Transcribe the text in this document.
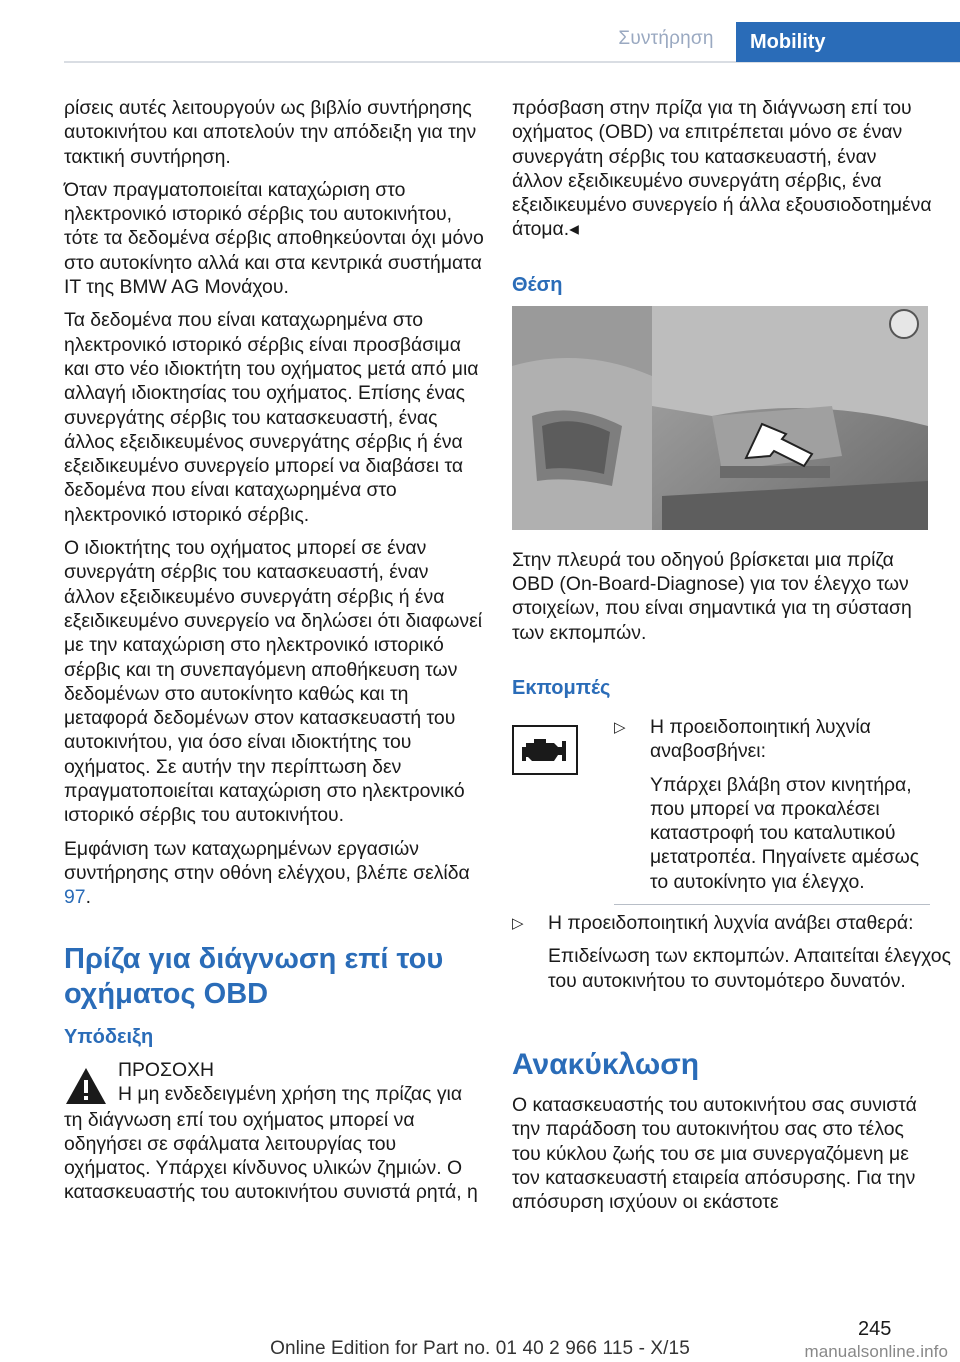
Συντήρηση	Mobility

ρίσεις αυτές λειτουργούν ως βιβλίο συντήρησης αυτοκινήτου και αποτελούν την απόδειξη για την τακτική συντήρηση.

Όταν πραγματοποιείται καταχώριση στο ηλεκτρονικό ιστορικό σέρβις του αυτοκινήτου, τότε τα δεδομένα σέρβις αποθηκεύονται όχι μόνο στο αυτοκίνητο αλλά και στα κεντρικά συστήματα IT της BMW AG Μονάχου.

Τα δεδομένα που είναι καταχωρημένα στο ηλεκτρονικό ιστορικό σέρβις είναι προσβάσιμα και στο νέο ιδιοκτήτη του οχήματος μετά από μια αλλαγή ιδιοκτησίας του οχήματος. Επίσης ένας συνεργάτης σέρβις του κατασκευαστή, ένας άλλος εξειδικευμένος συνεργάτης σέρβις ή ένα εξειδικευμένο συνεργείο μπορεί να διαβάσει τα δεδομένα που είναι καταχωρημένα στο ηλεκτρονικό ιστορικό σέρβις.

Ο ιδιοκτήτης του οχήματος μπορεί σε έναν συνεργάτη σέρβις του κατασκευαστή, έναν άλλον εξειδικευμένο συνεργάτη σέρβις ή ένα εξειδικευμένο συνεργείο να δηλώσει ότι διαφωνεί με την καταχώριση στο ηλεκτρονικό ιστορικό σέρβις και τη συνεπαγόμενη αποθήκευση των δεδομένων στο αυτοκίνητο καθώς και τη μεταφορά δεδομένων στον κατασκευαστή του αυτοκινήτου, για όσο είναι ιδιοκτήτης του οχήματος. Σε αυτήν την περίπτωση δεν πραγματοποιείται καταχώριση στο ηλεκτρονικό ιστορικό σέρβις του αυτοκινήτου.

Εμφάνιση των καταχωρημένων εργασιών συντήρησης στην οθόνη ελέγχου, βλέπε σελίδα 97.

Πρίζα για διάγνωση επί του οχήματος OBD
Υπόδειξη
ΠΡΟΣΟΧΗ
Η μη ενδεδειγμένη χρήση της πρίζας για
τη διάγνωση επί του οχήματος μπορεί να οδηγήσει σε σφάλματα λειτουργίας του οχήματος. Υπάρχει κίνδυνος υλικών ζημιών. Ο κατασκευαστής του αυτοκινήτου συνιστά ρητά, η

πρόσβαση στην πρίζα για τη διάγνωση επί του οχήματος (OBD) να επιτρέπεται μόνο σε έναν συνεργάτη σέρβις του κατασκευαστή, έναν άλλον εξειδικευμένο συνεργάτη σέρβις, ένα εξειδικευμένο συνεργείο ή άλλα εξουσιοδοτημένα άτομα.◂

Θέση

Στην πλευρά του οδηγού βρίσκεται μια πρίζα OBD (On-Board-Diagnose) για τον έλεγχο των στοιχείων, που είναι σημαντικά για τη σύσταση των εκπομπών.

Εκπομπές
▷ Η προειδοποιητική λυχνία αναβοσβήνει:

Υπάρχει βλάβη στον κινητήρα, που μπορεί να προκαλέσει καταστροφή του καταλυτικού μετατροπέα. Πηγαίνετε αμέσως το αυτοκίνητο για έλεγχο.

▷ Η προειδοποιητική λυχνία ανάβει σταθερά:

Επιδείνωση των εκπομπών. Απαιτείται έλεγχος του αυτοκινήτου το συντομότερο δυνατόν.

Ανακύκλωση

Ο κατασκευαστής του αυτοκινήτου σας συνιστά την παράδοση του αυτοκινήτου σας στο τέλος του κύκλου ζωής του σε μια συνεργαζόμενη με τον κατασκευαστή εταιρεία απόσυρσης. Για την απόσυρση ισχύουν οι εκάστοτε

245
Online Edition for Part no. 01 40 2 966 115 - X/15	manualsonline.info
